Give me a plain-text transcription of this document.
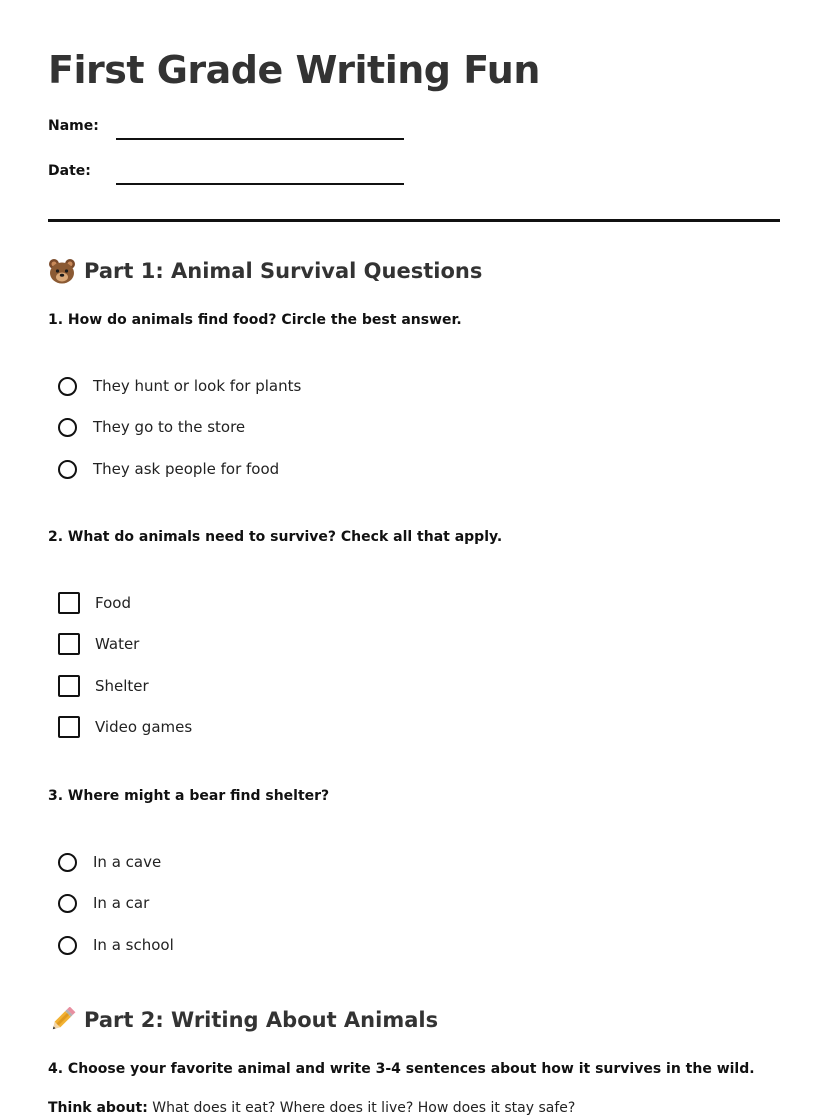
First Grade Writing Fun
Name:
Date:
Part 1: Animal Survival Questions

1. How do animals find food? Circle the best answer.

They hunt or look for plants
They go to the store
They ask people for food

2. What do animals need to survive? Check all that apply.

Food
Water
Shelter
Video games

3. Where might a bear find shelter?

In a cave
In a car
In a school
Part 2: Writing About Animals

4. Choose your favorite animal and write 3-4 sentences about how it survives in the wild.

Think about: What does it eat? Where does it live? How does it stay safe?
